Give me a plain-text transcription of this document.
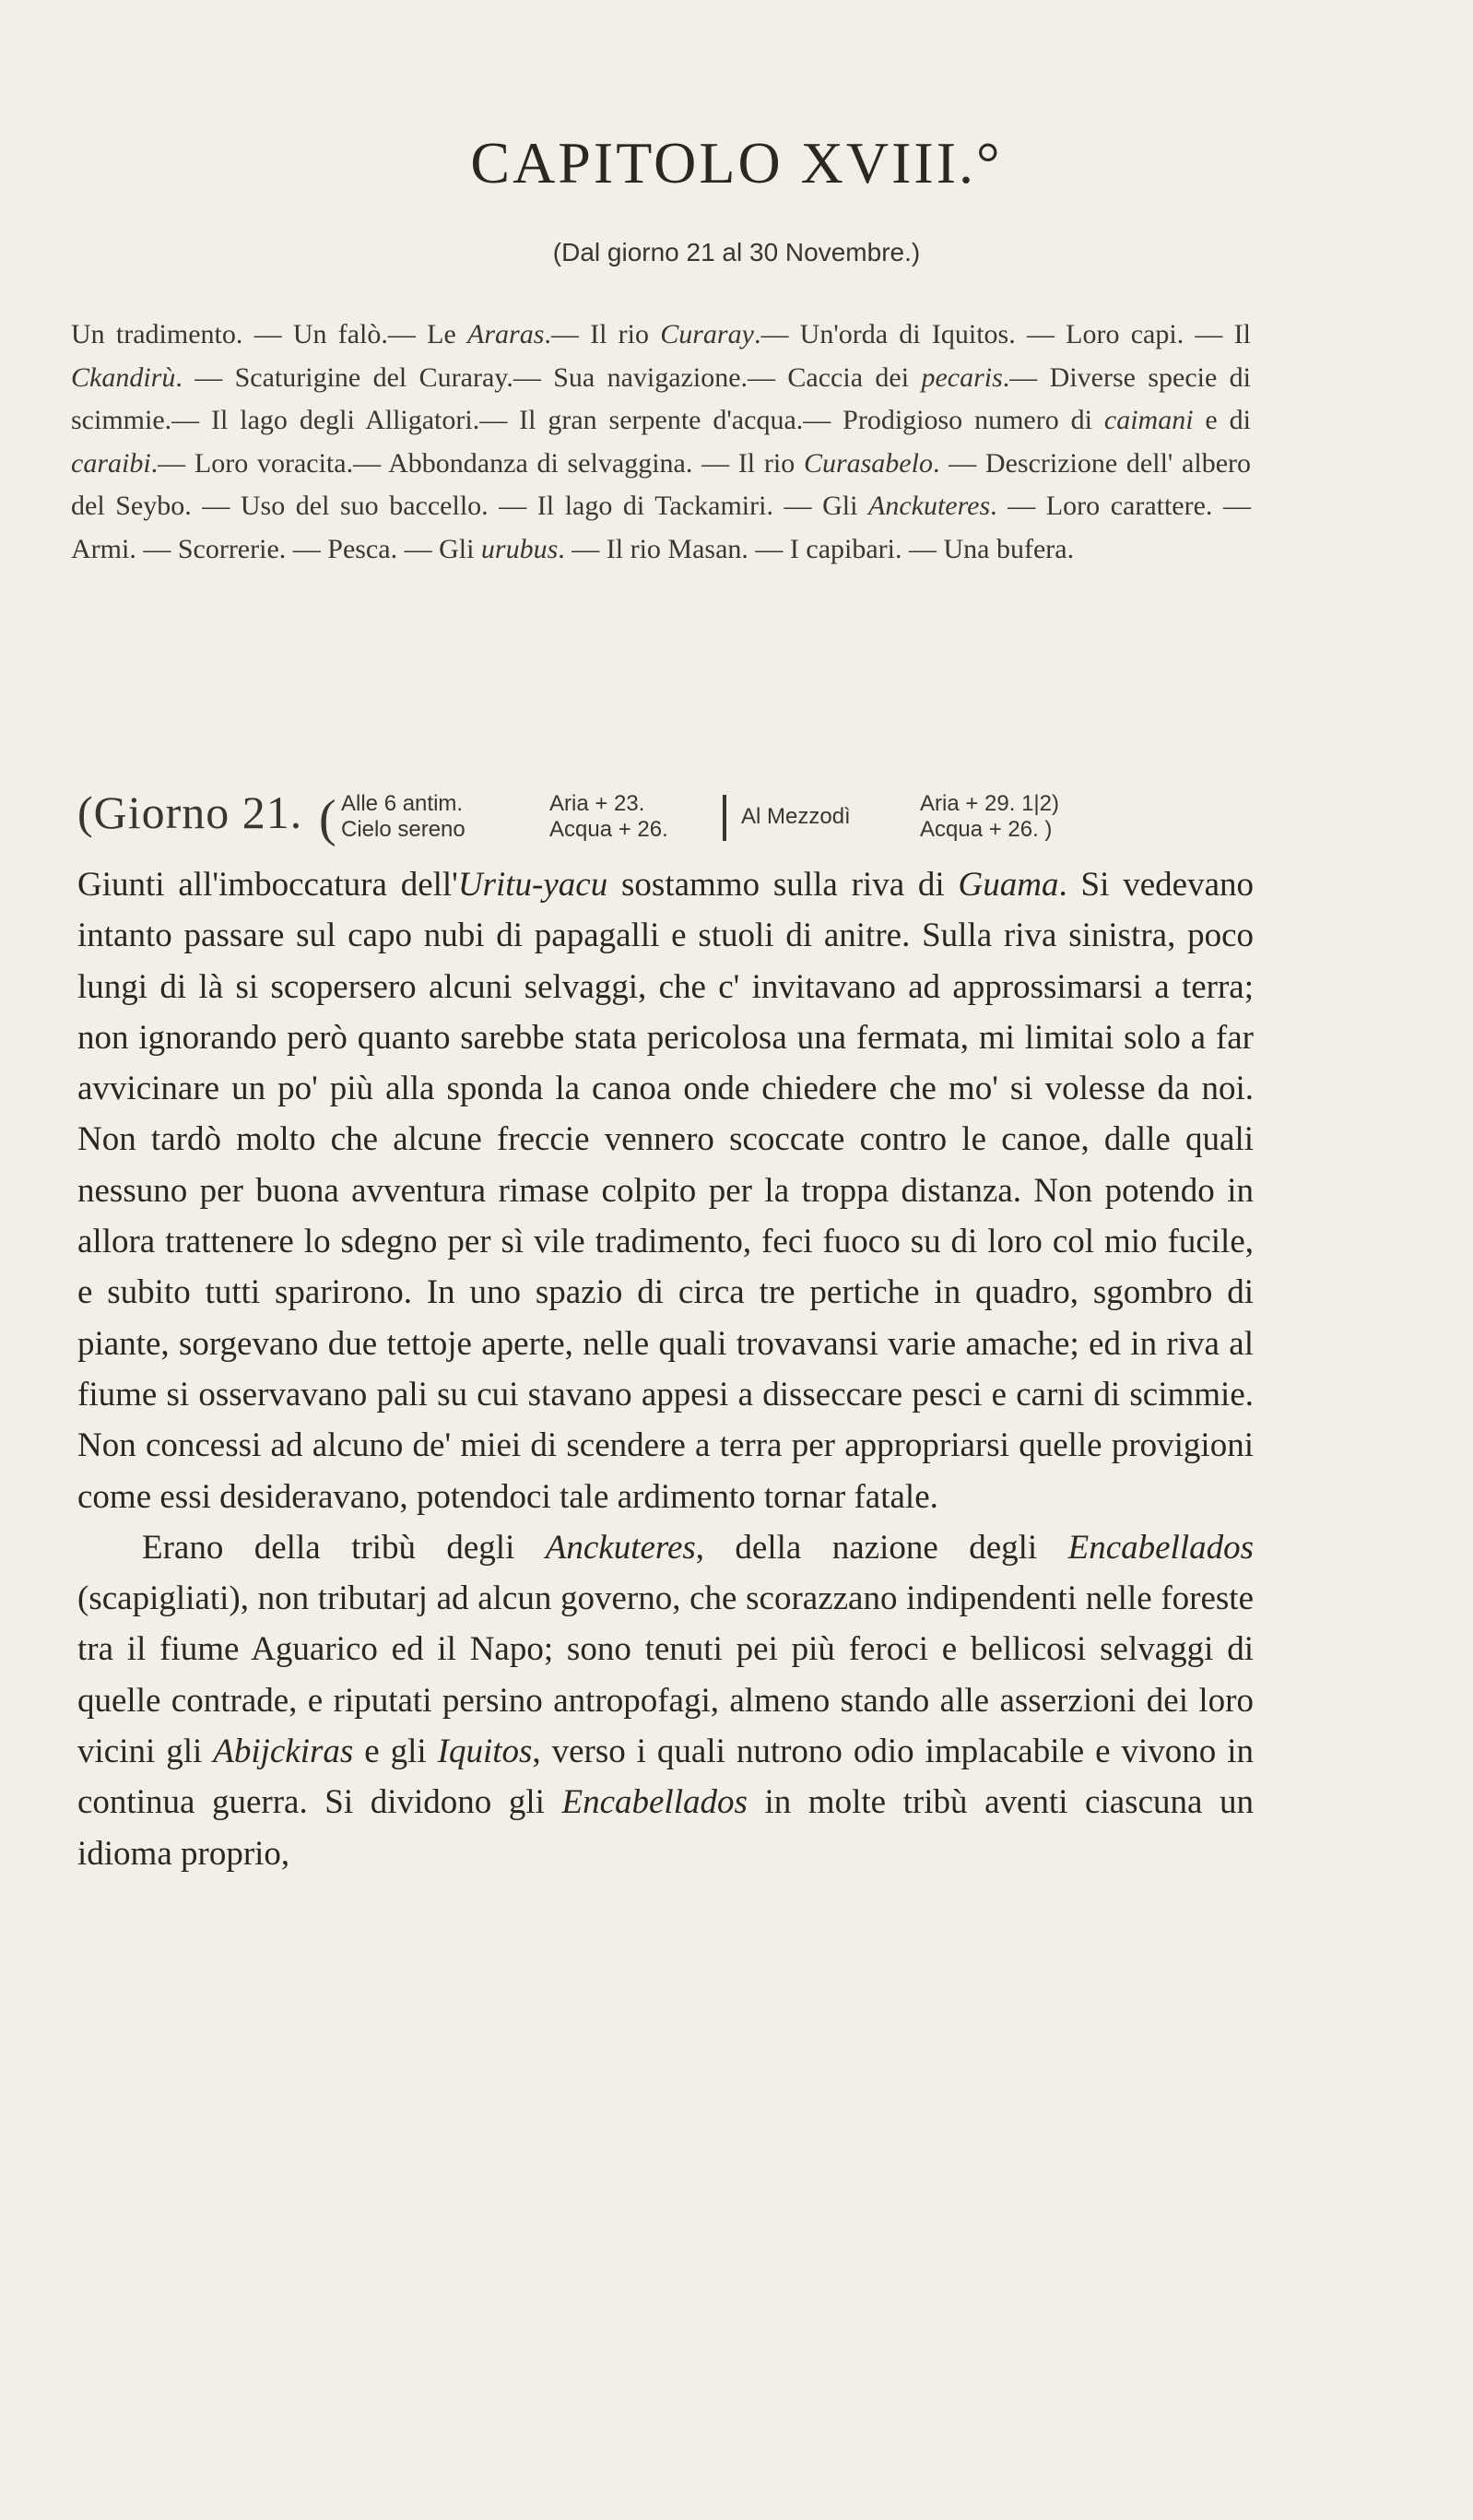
CAPITOLO XVIII.°
(Dal giorno 21 al 30 Novembre.)
Un tradimento. — Un falò.— Le Araras.— Il rio Curaray.— Un'orda di Iquitos. — Loro capi. — Il Ckandirù. — Scaturigine del Curaray.— Sua navigazione.— Caccia dei pecaris.— Diverse specie di scimmie.— Il lago degli Alligatori.— Il gran serpente d'acqua.— Prodigioso numero di caimani e di caraibi.— Loro voracita.— Abbondanza di selvaggina. — Il rio Curasabelo. — Descrizione dell' albero del Seybo. — Uso del suo baccello. — Il lago di Tackamiri. — Gli Anckuteres. — Loro carattere. — Armi. — Scorrerie. — Pesca. — Gli urubus. — Il rio Masan. — I capibari. — Una bufera.
(Giorno 21. ( Alle 6 antim.
Cielo sereno
Aria + 23.
Acqua + 26.
Al Mezzodì
Aria + 29. 1|2)
Acqua + 26. )

Giunti all'imboccatura dell'Uritu-yacu sostammo sulla riva di Guama. Si vedevano intanto passare sul capo nubi di papagalli e stuoli di anitre. Sulla riva sinistra, poco lungi di là si scopersero alcuni selvaggi, che c' invitavano ad approssimarsi a terra; non ignorando però quanto sarebbe stata pericolosa una fermata, mi limitai solo a far avvicinare un po' più alla sponda la canoa onde chiedere che mo' si volesse da noi. Non tardò molto che alcune freccie vennero scoccate contro le canoe, dalle quali nessuno per buona avventura rimase colpito per la troppa distanza. Non potendo in allora trattenere lo sdegno per sì vile tradimento, feci fuoco su di loro col mio fucile, e subito tutti sparirono. In uno spazio di circa tre pertiche in quadro, sgombro di piante, sorgevano due tettoje aperte, nelle quali trovavansi varie amache; ed in riva al fiume si osservavano pali su cui stavano appesi a disseccare pesci e carni di scimmie. Non concessi ad alcuno de' miei di scendere a terra per appropriarsi quelle provigioni come essi desideravano, potendoci tale ardimento tornar fatale.

Erano della tribù degli Anckuteres, della nazione degli Encabellados (scapigliati), non tributarj ad alcun governo, che scorazzano indipendenti nelle foreste tra il fiume Aguarico ed il Napo; sono tenuti pei più feroci e bellicosi selvaggi di quelle contrade, e riputati persino antropofagi, almeno stando alle asserzioni dei loro vicini gli Abijckiras e gli Iquitos, verso i quali nutrono odio implacabile e vivono in continua guerra. Si dividono gli Encabellados in molte tribù aventi ciascuna un idioma proprio,
